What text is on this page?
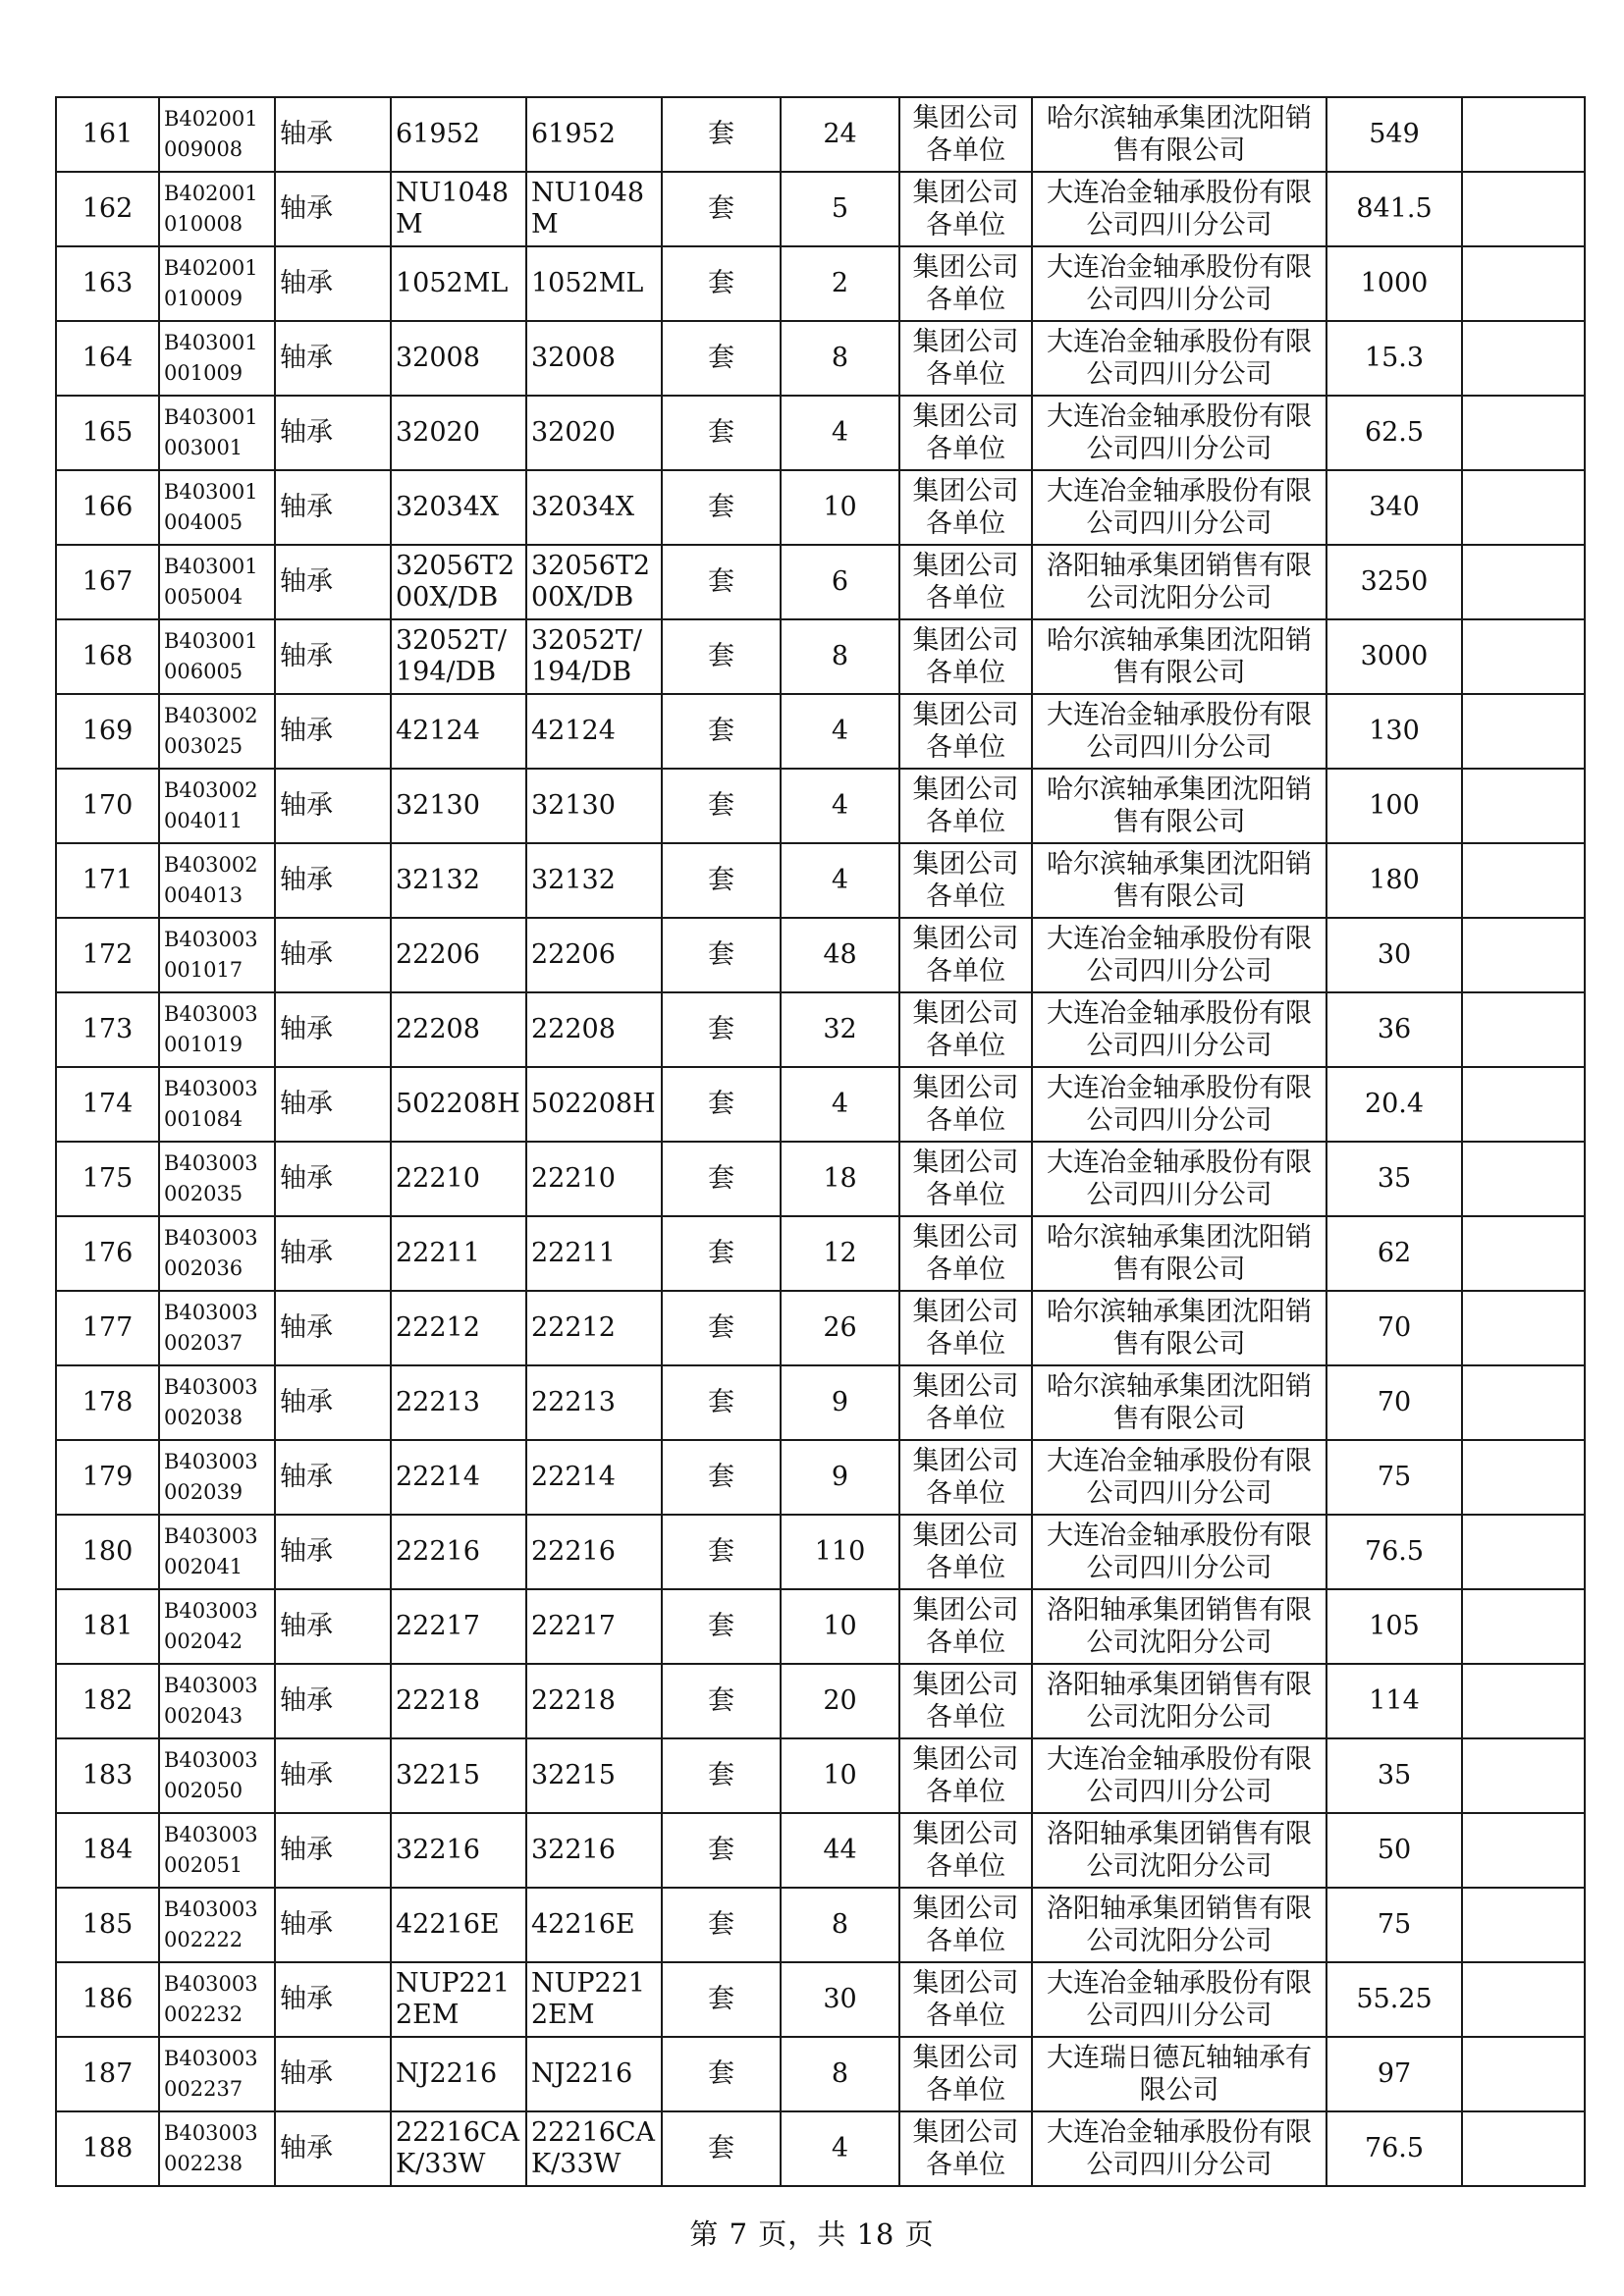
161	B402001009008	轴承	61952	61952	套	24	集团公司各单位	哈尔滨轴承集团沈阳销售有限公司	549	
162	B402001010008	轴承	NU1048M	NU1048M	套	5	集团公司各单位	大连冶金轴承股份有限公司四川分公司	841.5	
163	B402001010009	轴承	1052ML	1052ML	套	2	集团公司各单位	大连冶金轴承股份有限公司四川分公司	1000	
164	B403001001009	轴承	32008	32008	套	8	集团公司各单位	大连冶金轴承股份有限公司四川分公司	15.3	
165	B403001003001	轴承	32020	32020	套	4	集团公司各单位	大连冶金轴承股份有限公司四川分公司	62.5	
166	B403001004005	轴承	32034X	32034X	套	10	集团公司各单位	大连冶金轴承股份有限公司四川分公司	340	
167	B403001005004	轴承	32056T200X/DB	32056T200X/DB	套	6	集团公司各单位	洛阳轴承集团销售有限公司沈阳分公司	3250	
168	B403001006005	轴承	32052T/194/DB	32052T/194/DB	套	8	集团公司各单位	哈尔滨轴承集团沈阳销售有限公司	3000	
169	B403002003025	轴承	42124	42124	套	4	集团公司各单位	大连冶金轴承股份有限公司四川分公司	130	
170	B403002004011	轴承	32130	32130	套	4	集团公司各单位	哈尔滨轴承集团沈阳销售有限公司	100	
171	B403002004013	轴承	32132	32132	套	4	集团公司各单位	哈尔滨轴承集团沈阳销售有限公司	180	
172	B403003001017	轴承	22206	22206	套	48	集团公司各单位	大连冶金轴承股份有限公司四川分公司	30	
173	B403003001019	轴承	22208	22208	套	32	集团公司各单位	大连冶金轴承股份有限公司四川分公司	36	
174	B403003001084	轴承	502208H	502208H	套	4	集团公司各单位	大连冶金轴承股份有限公司四川分公司	20.4	
175	B403003002035	轴承	22210	22210	套	18	集团公司各单位	大连冶金轴承股份有限公司四川分公司	35	
176	B403003002036	轴承	22211	22211	套	12	集团公司各单位	哈尔滨轴承集团沈阳销售有限公司	62	
177	B403003002037	轴承	22212	22212	套	26	集团公司各单位	哈尔滨轴承集团沈阳销售有限公司	70	
178	B403003002038	轴承	22213	22213	套	9	集团公司各单位	哈尔滨轴承集团沈阳销售有限公司	70	
179	B403003002039	轴承	22214	22214	套	9	集团公司各单位	大连冶金轴承股份有限公司四川分公司	75	
180	B403003002041	轴承	22216	22216	套	110	集团公司各单位	大连冶金轴承股份有限公司四川分公司	76.5	
181	B403003002042	轴承	22217	22217	套	10	集团公司各单位	洛阳轴承集团销售有限公司沈阳分公司	105	
182	B403003002043	轴承	22218	22218	套	20	集团公司各单位	洛阳轴承集团销售有限公司沈阳分公司	114	
183	B403003002050	轴承	32215	32215	套	10	集团公司各单位	大连冶金轴承股份有限公司四川分公司	35	
184	B403003002051	轴承	32216	32216	套	44	集团公司各单位	洛阳轴承集团销售有限公司沈阳分公司	50	
185	B403003002222	轴承	42216E	42216E	套	8	集团公司各单位	洛阳轴承集团销售有限公司沈阳分公司	75	
186	B403003002232	轴承	NUP2212EM	NUP2212EM	套	30	集团公司各单位	大连冶金轴承股份有限公司四川分公司	55.25	
187	B403003002237	轴承	NJ2216	NJ2216	套	8	集团公司各单位	大连瑞日德瓦轴轴承有限公司	97	
188	B403003002238	轴承	22216CAK/33W	22216CAK/33W	套	4	集团公司各单位	大连冶金轴承股份有限公司四川分公司	76.5	
第 7 页，共 18 页
